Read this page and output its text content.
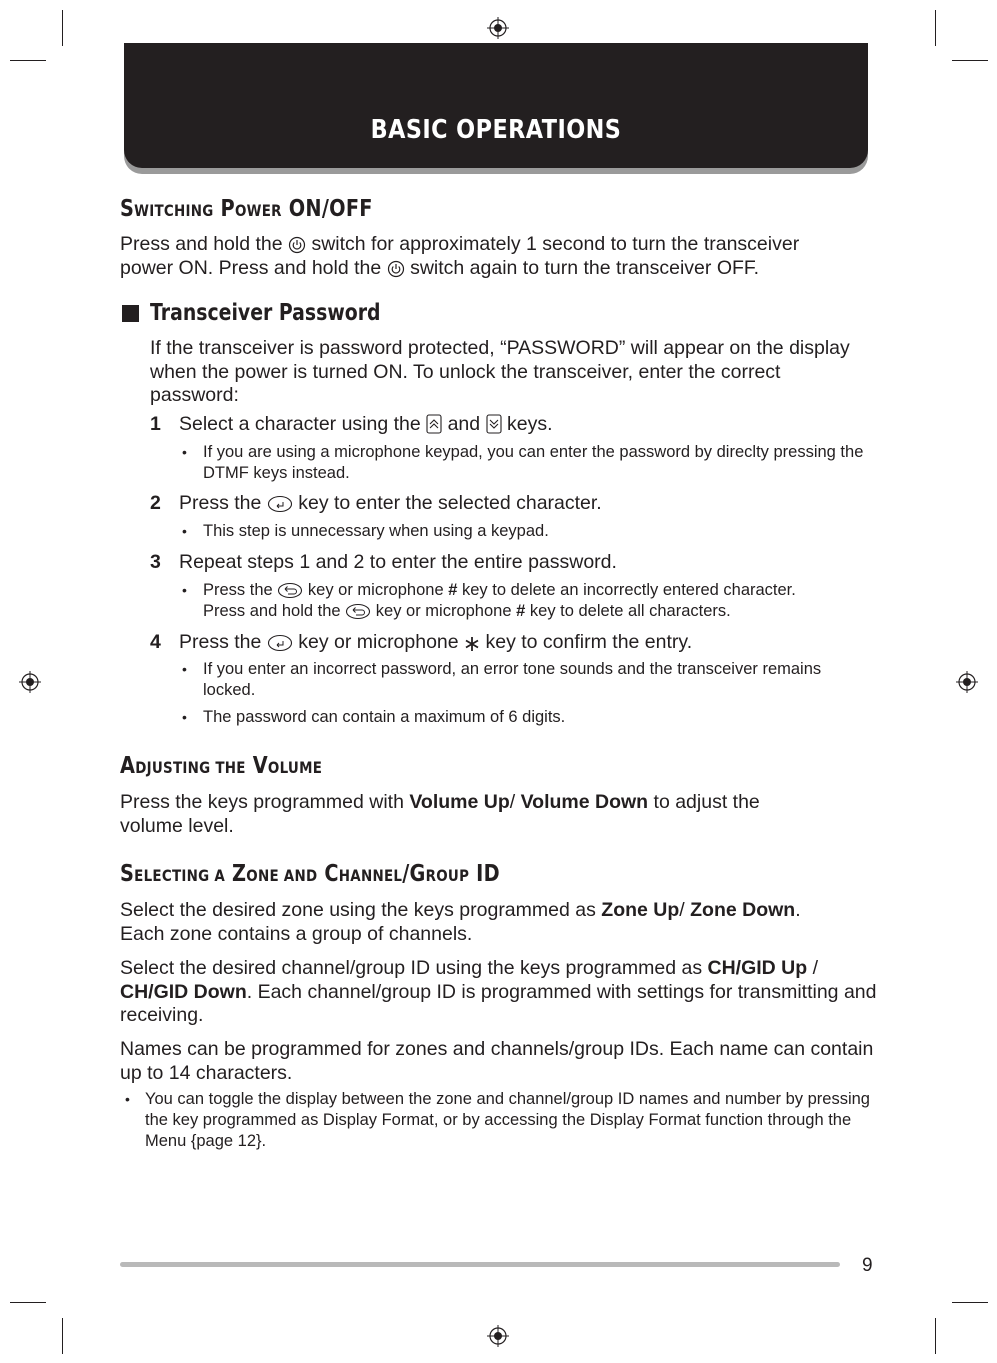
BASIC OPERATIONS
SWITCHING POWER ON/OFF
Press and hold the switch for approximately 1 second to turn the transceiver
power ON. Press and hold the switch again to turn the transceiver OFF.
Transceiver Password
If the transceiver is password protected, “PASSWORD” will appear on the display when the power is turned ON. To unlock the transceiver, enter the correct password:
1 Select a character using the and keys.
• If you are using a microphone keypad, you can enter the password by direclty pressing the DTMF keys instead.
2 Press the key to enter the selected character.
• This step is unnecessary when using a keypad.
3 Repeat steps 1 and 2 to enter the entire password.
• Press the key or microphone # key to delete an incorrectly entered character.
Press and hold the key or microphone # key to delete all characters.
4 Press the key or microphone key to confirm the entry.
• If you enter an incorrect password, an error tone sounds and the transceiver remains locked.
• The password can contain a maximum of 6 digits.
ADJUSTING THE VOLUME
Press the keys programmed with Volume Up/ Volume Down to adjust the volume level.
SELECTING A ZONE AND CHANNEL/GROUP ID
Select the desired zone using the keys programmed as Zone Up/ Zone Down.
Each zone contains a group of channels.
Select the desired channel/group ID using the keys programmed as CH/GID Up / CH/GID Down. Each channel/group ID is programmed with settings for transmitting and receiving.
Names can be programmed for zones and channels/group IDs. Each name can contain up to 14 characters.
• You can toggle the display between the zone and channel/group ID names and number by pressing the key programmed as Display Format, or by accessing the Display Format function through the Menu {page 12}.
9
